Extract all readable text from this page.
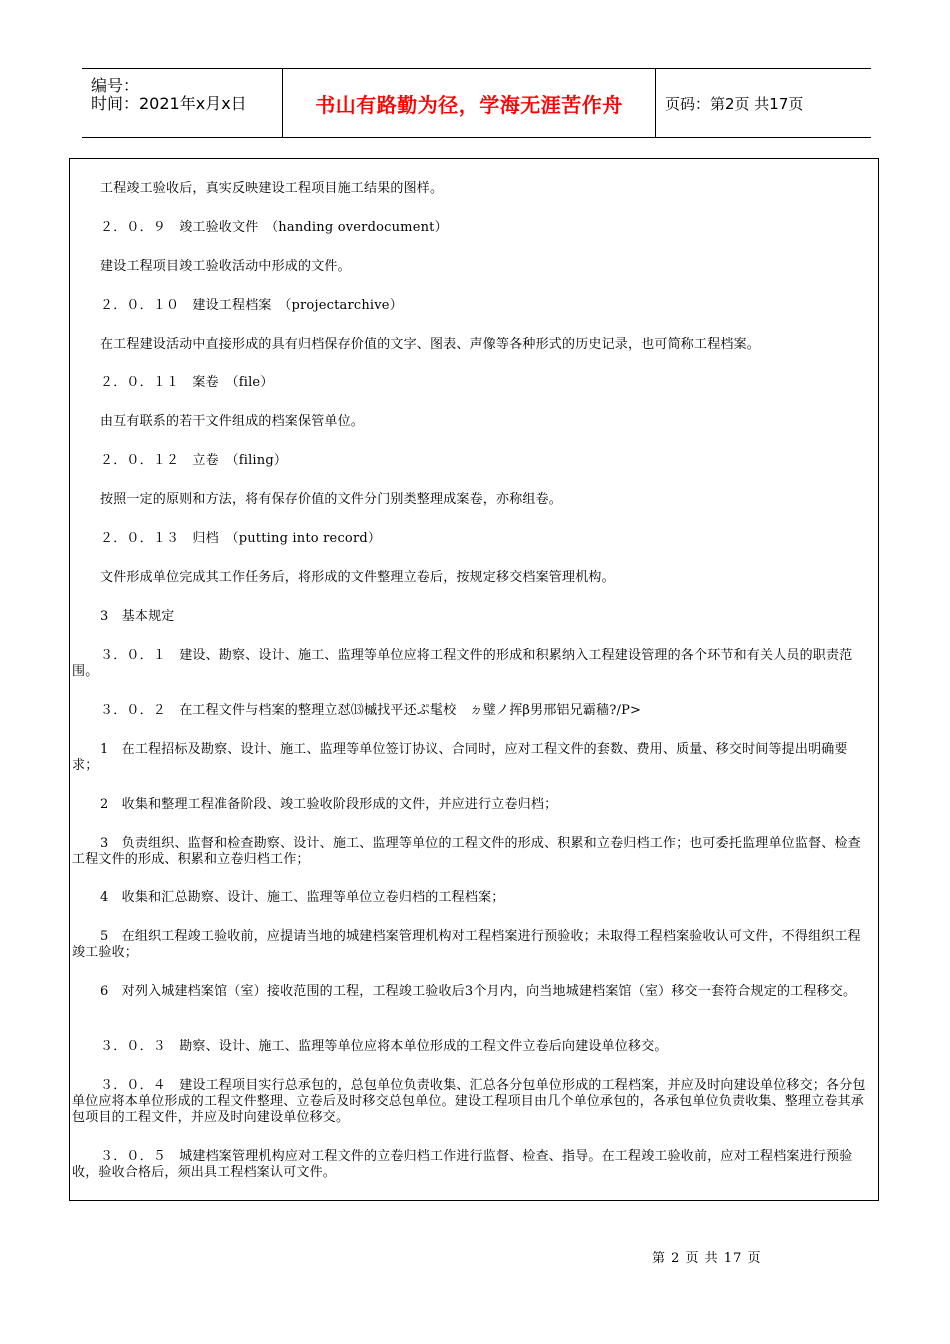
编号：
时间：2021年x月x日	书山有路勤为径，学海无涯苦作舟	页码：第2页 共17页
工程竣工验收后，真实反映建设工程项目施工结果的图样。
２．０．９　竣工验收文件　（handing overdocument）
建设工程项目竣工验收活动中形成的文件。
２．０．１０　建设工程档案　（projectarchive）
在工程建设活动中直接形成的具有归档保存价值的文字、图表、声像等各种形式的历史记录，也可简称工程档案。
２．０．１１　案卷　（file）
由互有联系的若干文件组成的档案保管单位。
２．０．１２　立卷　（filing）
按照一定的原则和方法，将有保存价值的文件分门别类整理成案卷，亦称组卷。
２．０．１３　归档　（putting into record）
文件形成单位完成其工作任务后，将形成的文件整理立卷后，按规定移交档案管理机构。
3　基本规定
３．０．１　建设、勘察、设计、施工、监理等单位应将工程文件的形成和积累纳入工程建设管理的各个环节和有关人员的职责范围。
３．０．２　在工程文件与档案的整理立怼⒀槭找平还ぷ髦校　ㄉ璧ノ挥β男邢铝兄霸穑?/P>
1　在工程招标及勘察、设计、施工、监理等单位签订协议、合同时，应对工程文件的套数、费用、质量、移交时间等提出明确要求；
2　收集和整理工程准备阶段、竣工验收阶段形成的文件，并应进行立卷归档；
3　负责组织、监督和检查勘察、设计、施工、监理等单位的工程文件的形成、积累和立卷归档工作；也可委托监理单位监督、检查工程文件的形成、积累和立卷归档工作；
4　收集和汇总勘察、设计、施工、监理等单位立卷归档的工程档案；
5　在组织工程竣工验收前，应提请当地的城建档案管理机构对工程档案进行预验收；未取得工程档案验收认可文件，不得组织工程竣工验收；
6　对列入城建档案馆（室）接收范围的工程，工程竣工验收后3个月内，向当地城建档案馆（室）移交一套符合规定的工程移交。
３．０．３　勘察、设计、施工、监理等单位应将本单位形成的工程文件立卷后向建设单位移交。
３．０．４　建设工程项目实行总承包的，总包单位负责收集、汇总各分包单位形成的工程档案，并应及时向建设单位移交；各分包单位应将本单位形成的工程文件整理、立卷后及时移交总包单位。建设工程项目由几个单位承包的，各承包单位负责收集、整理立卷其承包项目的工程文件，并应及时向建设单位移交。
３．０．５　城建档案管理机构应对工程文件的立卷归档工作进行监督、检查、指导。在工程竣工验收前，应对工程档案进行预验收，验收合格后，须出具工程档案认可文件。
第 2 页 共 17 页
